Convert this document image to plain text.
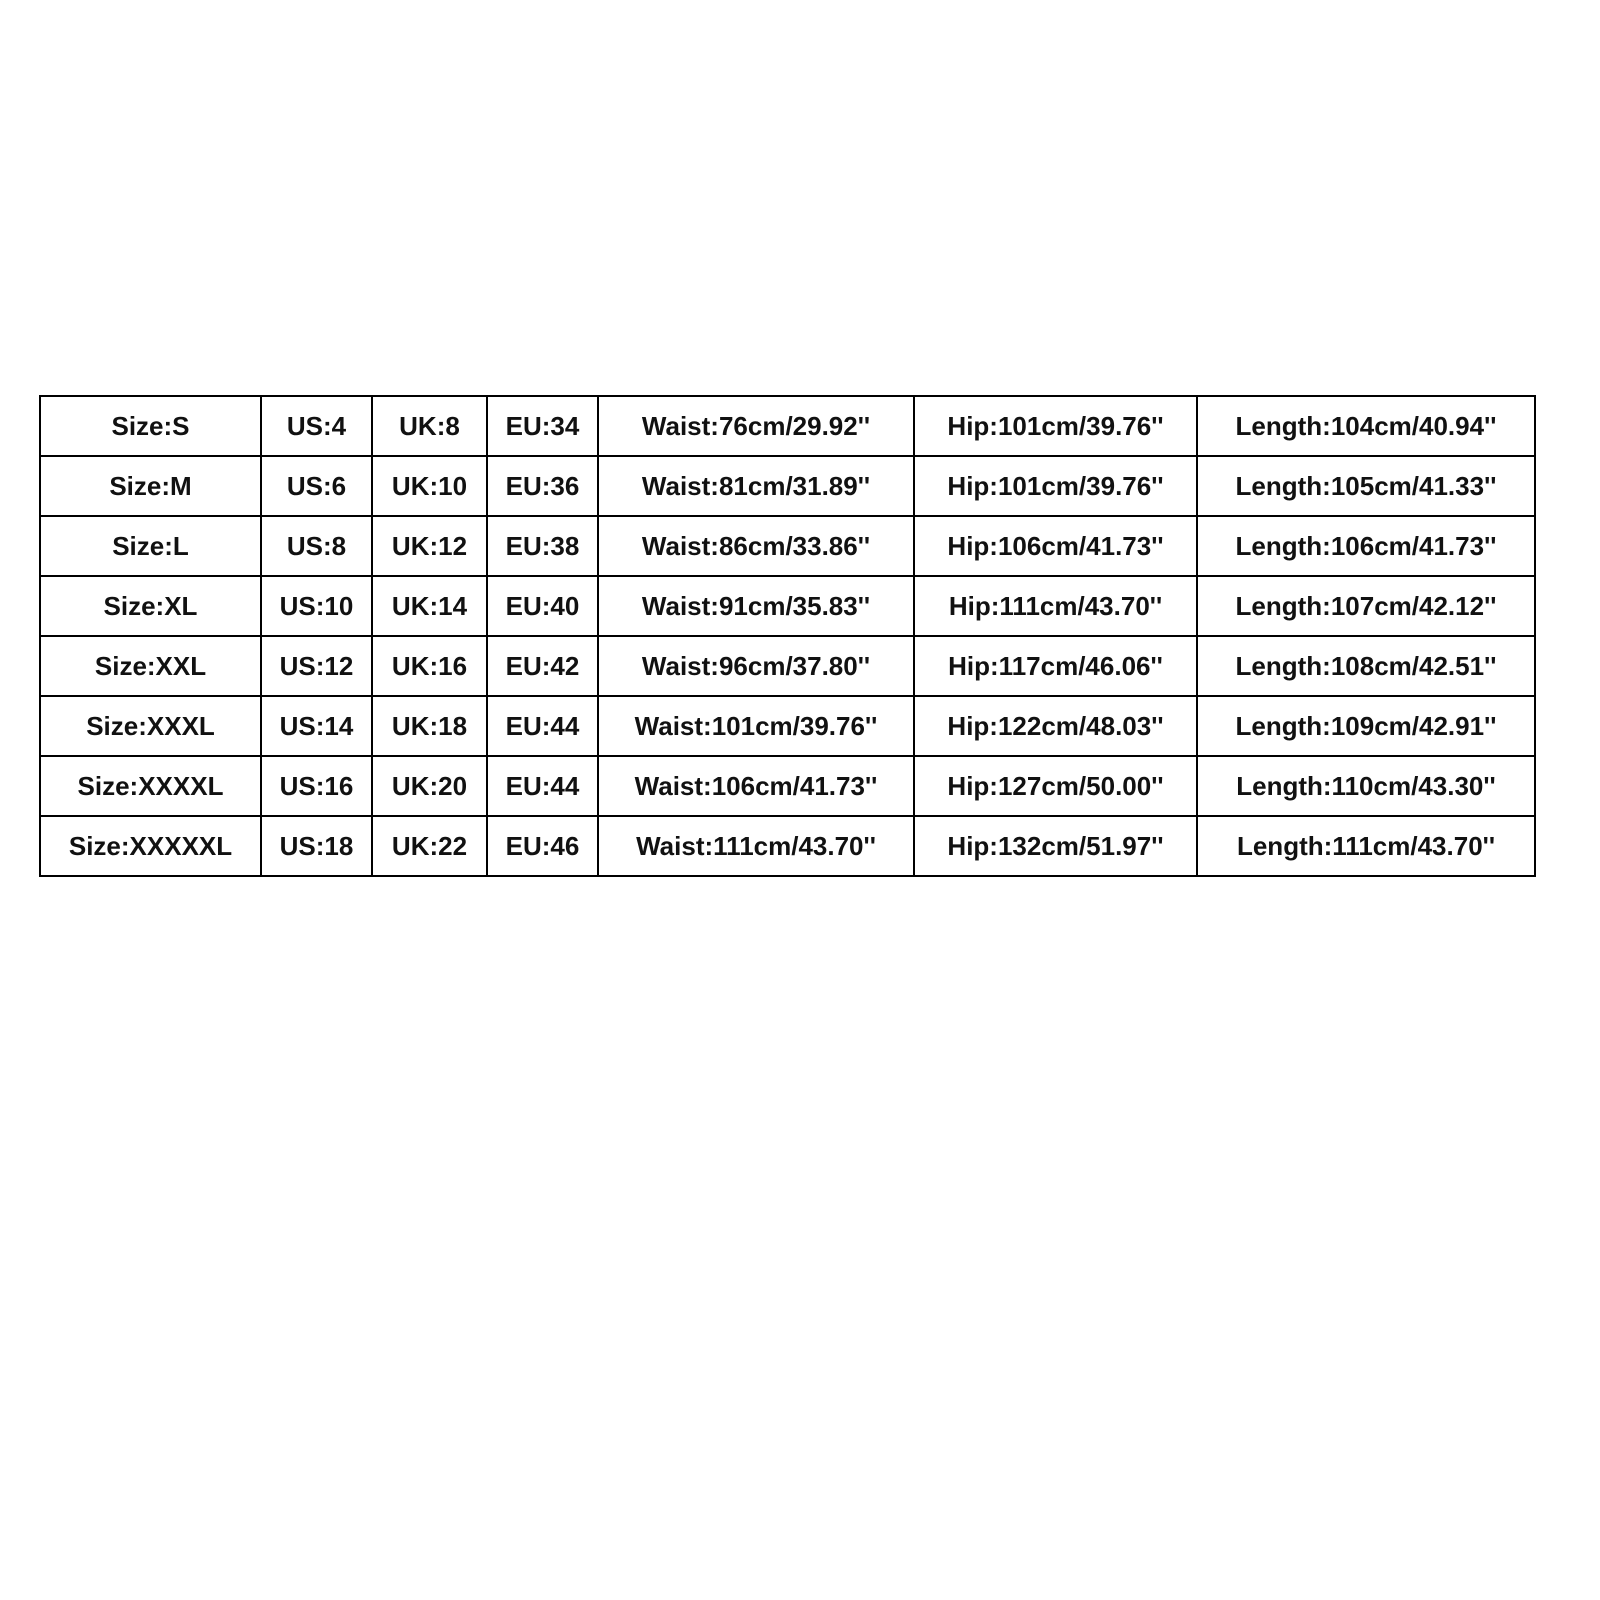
Size:S	US:4	UK:8	EU:34	Waist:76cm/29.92''	Hip:101cm/39.76''	Length:104cm/40.94''
Size:M	US:6	UK:10	EU:36	Waist:81cm/31.89''	Hip:101cm/39.76''	Length:105cm/41.33''
Size:L	US:8	UK:12	EU:38	Waist:86cm/33.86''	Hip:106cm/41.73''	Length:106cm/41.73''
Size:XL	US:10	UK:14	EU:40	Waist:91cm/35.83''	Hip:111cm/43.70''	Length:107cm/42.12''
Size:XXL	US:12	UK:16	EU:42	Waist:96cm/37.80''	Hip:117cm/46.06''	Length:108cm/42.51''
Size:XXXL	US:14	UK:18	EU:44	Waist:101cm/39.76''	Hip:122cm/48.03''	Length:109cm/42.91''
Size:XXXXL	US:16	UK:20	EU:44	Waist:106cm/41.73''	Hip:127cm/50.00''	Length:110cm/43.30''
Size:XXXXXL	US:18	UK:22	EU:46	Waist:111cm/43.70''	Hip:132cm/51.97''	Length:111cm/43.70''
